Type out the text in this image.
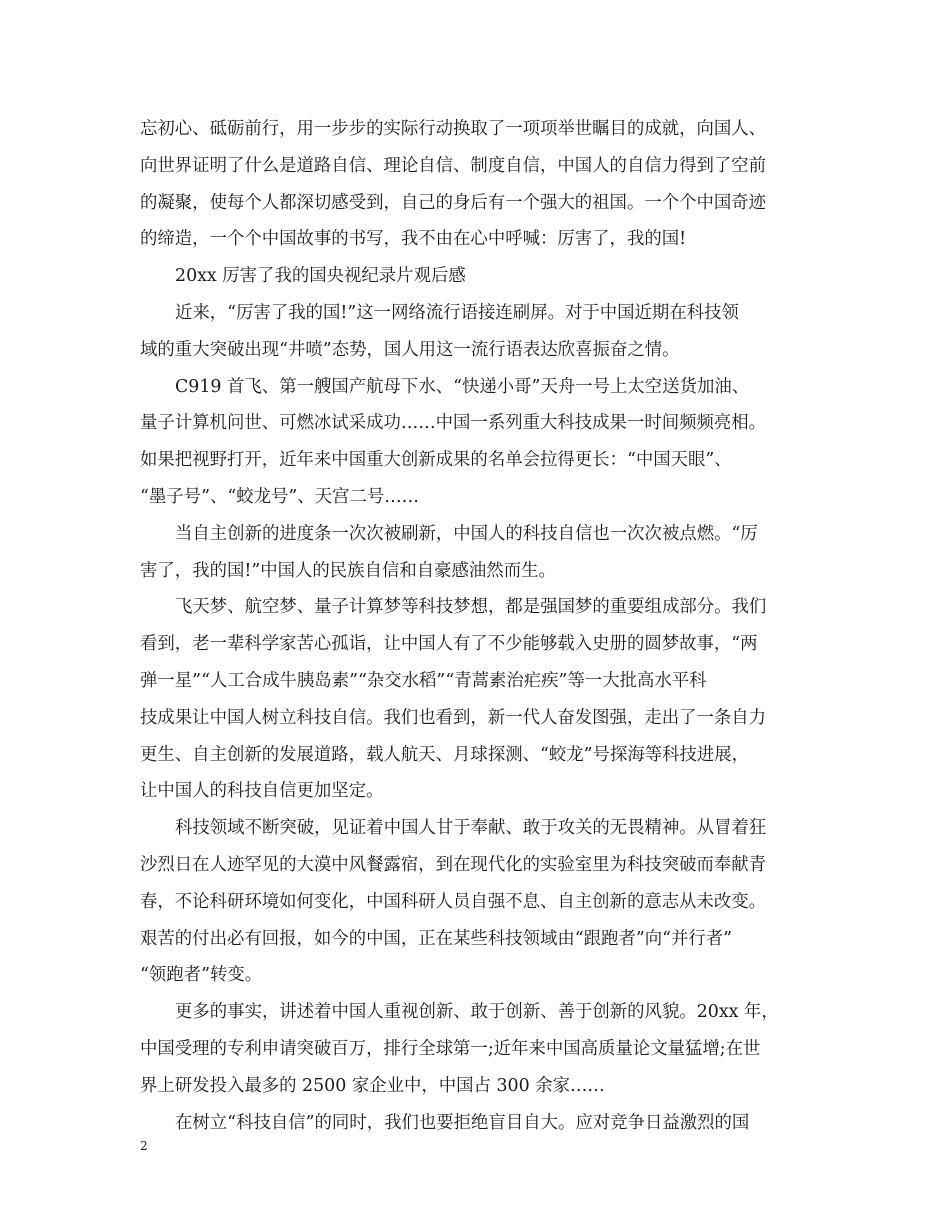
忘初心、砥砺前行，用一步步的实际行动换取了一项项举世瞩目的成就，向国人、
向世界证明了什么是道路自信、理论自信、制度自信，中国人的自信力得到了空前
的凝聚，使每个人都深切感受到，自己的身后有一个强大的祖国。一个个中国奇迹
的缔造，一个个中国故事的书写，我不由在心中呼喊：厉害了，我的国!
20xx 厉害了我的国央视纪录片观后感
近来，“厉害了我的国!”这一网络流行语接连刷屏。对于中国近期在科技领
域的重大突破出现“井喷”态势，国人用这一流行语表达欣喜振奋之情。
C919 首飞、第一艘国产航母下水、“快递小哥”天舟一号上太空送货加油、
量子计算机问世、可燃冰试采成功……中国一系列重大科技成果一时间频频亮相。
如果把视野打开，近年来中国重大创新成果的名单会拉得更长：“中国天眼”、
“墨子号”、“蛟龙号”、天宫二号……
当自主创新的进度条一次次被刷新，中国人的科技自信也一次次被点燃。“厉
害了，我的国!”中国人的民族自信和自豪感油然而生。
飞天梦、航空梦、量子计算梦等科技梦想，都是强国梦的重要组成部分。我们
看到，老一辈科学家苦心孤诣，让中国人有了不少能够载入史册的圆梦故事，“两
弹一星”“人工合成牛胰岛素”“杂交水稻”“青蒿素治疟疾”等一大批高水平科
技成果让中国人树立科技自信。我们也看到，新一代人奋发图强，走出了一条自力
更生、自主创新的发展道路，载人航天、月球探测、“蛟龙”号探海等科技进展，
让中国人的科技自信更加坚定。
科技领域不断突破，见证着中国人甘于奉献、敢于攻关的无畏精神。从冒着狂
沙烈日在人迹罕见的大漠中风餐露宿，到在现代化的实验室里为科技突破而奉献青
春，不论科研环境如何变化，中国科研人员自强不息、自主创新的意志从未改变。
艰苦的付出必有回报，如今的中国，正在某些科技领域由“跟跑者”向“并行者”
“领跑者”转变。
更多的事实，讲述着中国人重视创新、敢于创新、善于创新的风貌。20xx 年，
中国受理的专利申请突破百万，排行全球第一;近年来中国高质量论文量猛增;在世
界上研发投入最多的 2500 家企业中，中国占 300 余家……
在树立“科技自信”的同时，我们也要拒绝盲目自大。应对竞争日益激烈的国
2
